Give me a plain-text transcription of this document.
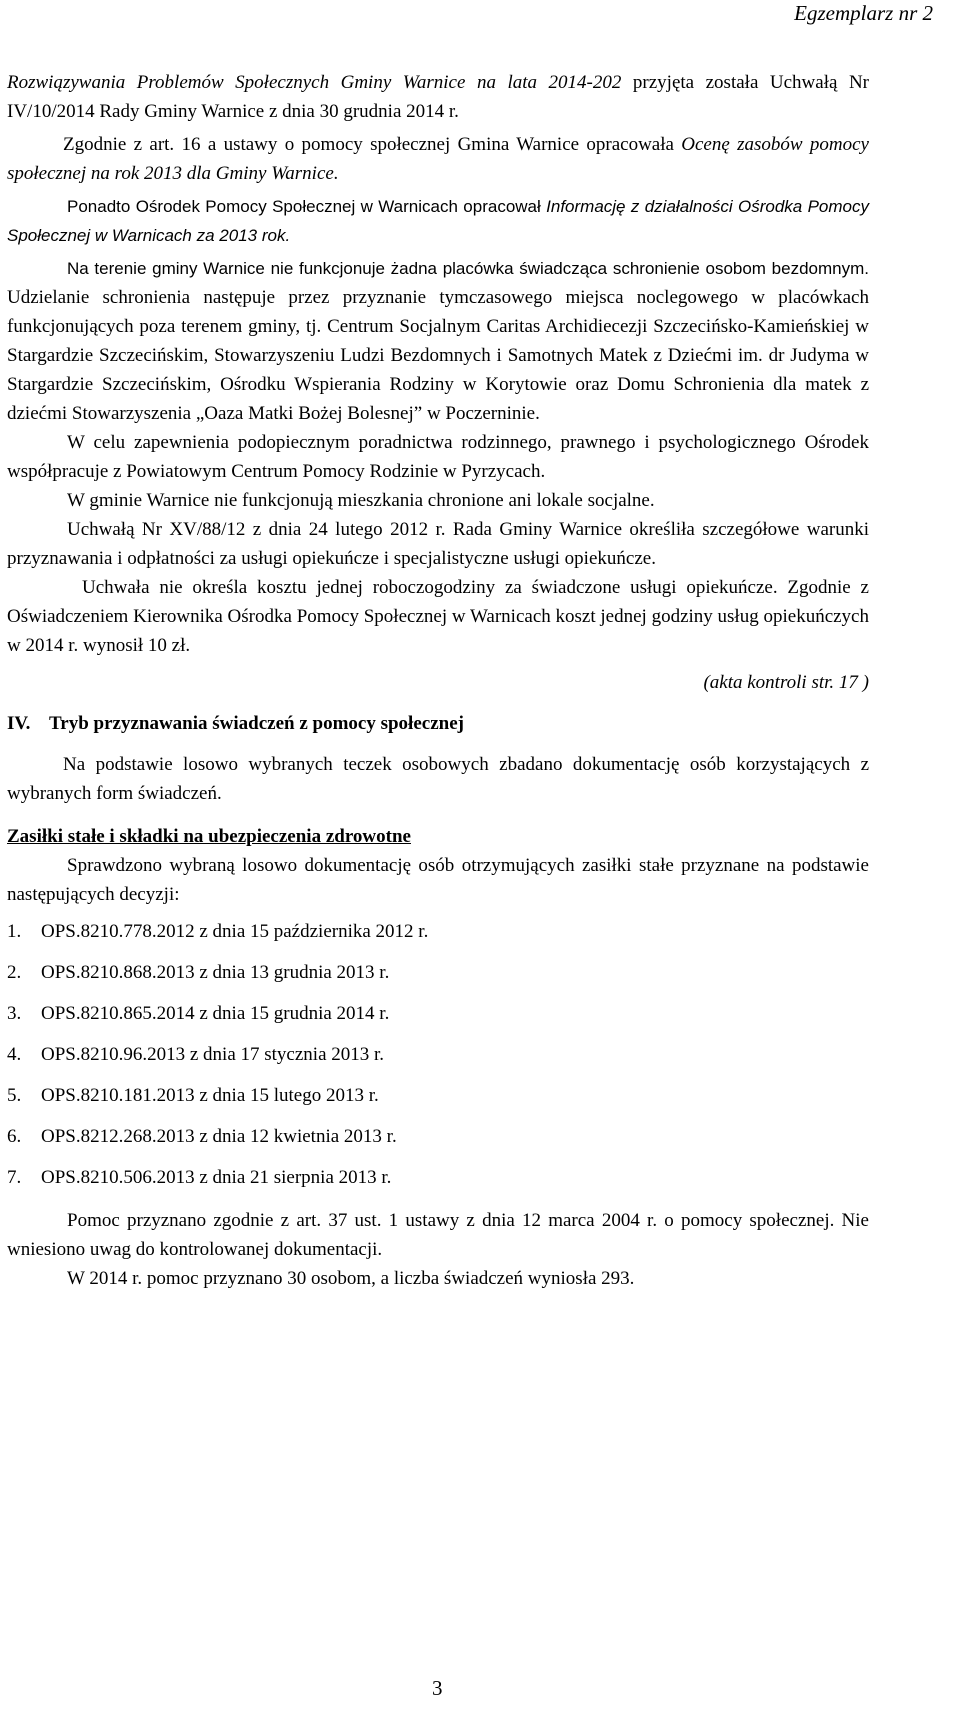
Egzemplarz nr 2

Rozwiązywania Problemów Społecznych Gminy Warnice na lata 2014-202 przyjęta została Uchwałą Nr IV/10/2014 Rady Gminy Warnice z dnia 30 grudnia 2014 r.

Zgodnie z art. 16 a ustawy o pomocy społecznej Gmina Warnice opracowała Ocenę zasobów pomocy społecznej na rok 2013 dla Gminy Warnice.

Ponadto Ośrodek Pomocy Społecznej w Warnicach opracował Informację z działalności Ośrodka Pomocy Społecznej w Warnicach za 2013 rok.

Na terenie gminy Warnice nie funkcjonuje żadna placówka świadcząca schronienie osobom bezdomnym. Udzielanie schronienia następuje przez przyznanie tymczasowego miejsca noclegowego w placówkach funkcjonujących poza terenem gminy, tj. Centrum Socjalnym Caritas Archidiecezji Szczecińsko-Kamieńskiej w Stargardzie Szczecińskim, Stowarzyszeniu Ludzi Bezdomnych i Samotnych Matek z Dziećmi im. dr Judyma w Stargardzie Szczecińskim, Ośrodku Wspierania Rodziny w Korytowie oraz Domu Schronienia dla matek z dziećmi Stowarzyszenia „Oaza Matki Bożej Bolesnej” w Poczerninie.

W celu zapewnienia podopiecznym poradnictwa rodzinnego, prawnego i psychologicznego Ośrodek współpracuje z Powiatowym Centrum Pomocy Rodzinie w Pyrzycach.

W gminie Warnice nie funkcjonują mieszkania chronione ani lokale socjalne.

Uchwałą Nr XV/88/12 z dnia 24 lutego 2012 r. Rada Gminy Warnice określiła szczegółowe warunki przyznawania i odpłatności za usługi opiekuńcze i specjalistyczne usługi opiekuńcze.

Uchwała nie określa kosztu jednej roboczogodziny za świadczone usługi opiekuńcze. Zgodnie z Oświadczeniem Kierownika Ośrodka Pomocy Społecznej w Warnicach koszt jednej godziny usług opiekuńczych w 2014 r. wynosił 10 zł.

(akta kontroli str. 17 )

IV. Tryb przyznawania świadczeń z pomocy społecznej

Na podstawie losowo wybranych teczek osobowych zbadano dokumentację osób korzystających z wybranych form świadczeń.

Zasiłki stałe i składki na ubezpieczenia zdrowotne

Sprawdzono wybraną losowo dokumentację osób otrzymujących zasiłki stałe przyznane na podstawie następujących decyzji:

1. OPS.8210.778.2012 z dnia 15 października 2012 r.
2. OPS.8210.868.2013 z dnia 13 grudnia 2013 r.
3. OPS.8210.865.2014 z dnia 15 grudnia 2014 r.
4. OPS.8210.96.2013 z dnia 17 stycznia 2013 r.
5. OPS.8210.181.2013 z dnia 15 lutego 2013 r.
6. OPS.8212.268.2013 z dnia 12 kwietnia 2013 r.
7. OPS.8210.506.2013 z dnia 21 sierpnia 2013 r.

Pomoc przyznano zgodnie z art. 37 ust. 1 ustawy z dnia 12 marca 2004 r. o pomocy społecznej. Nie wniesiono uwag do kontrolowanej dokumentacji.

W 2014 r. pomoc przyznano 30 osobom, a liczba świadczeń wyniosła 293.

3
